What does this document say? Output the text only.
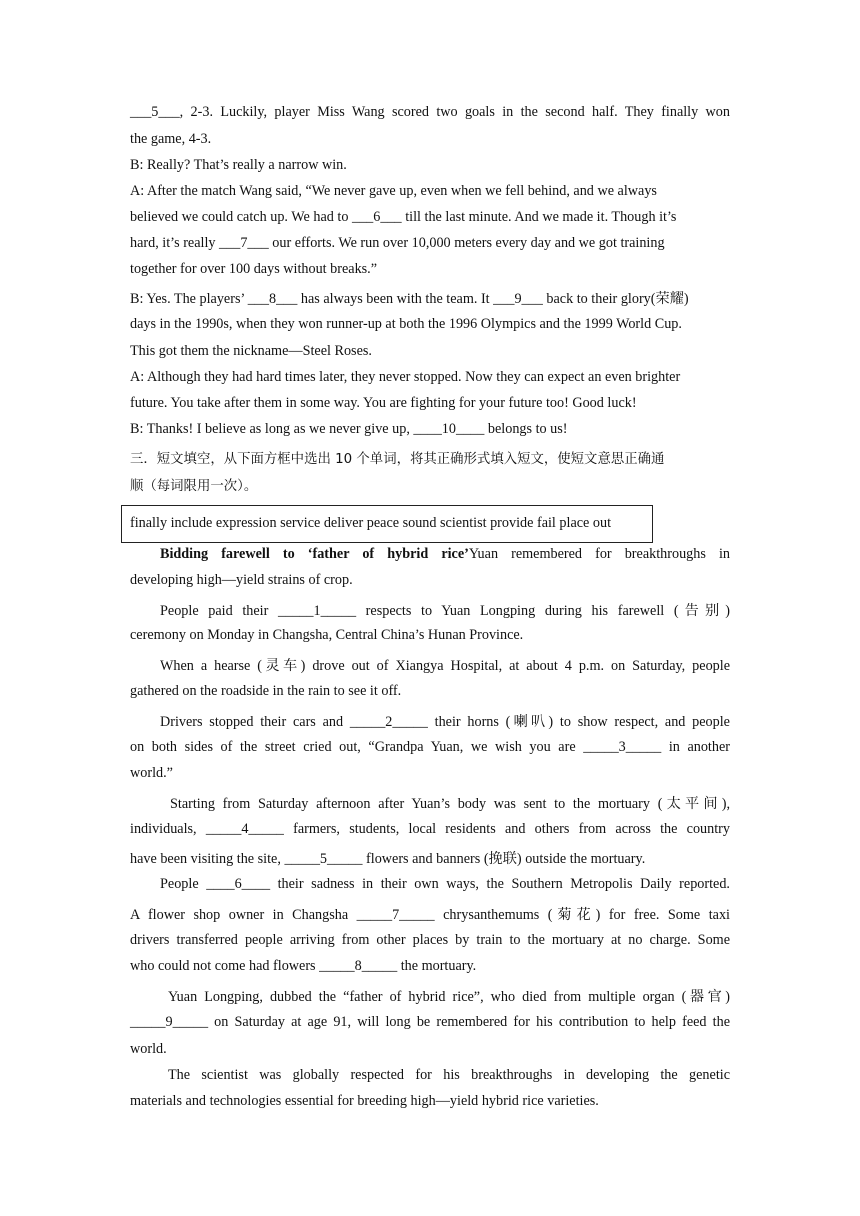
___5___, 2-3. Luckily, player Miss Wang scored two goals in the second half. They finally won
the game, 4-3.
B: Really? That’s really a narrow win.
A: After the match Wang said, “We never gave up, even when we fell behind, and we always
believed we could catch up. We had to ___6___ till the last minute. And we made it. Though it’s
hard, it’s really ___7___ our efforts. We run over 10,000 meters every day and we got training
together for over 100 days without breaks.”
B: Yes. The players’ ___8___ has always been with the team. It ___9___ back to their glory(荣耀)
days in the 1990s, when they won runner-up at both the 1996 Olympics and the 1999 World Cup.
This got them the nickname—Steel Roses.
A: Although they had hard times later, they never stopped. Now they can expect an even brighter
future. You take after them in some way. You are fighting for your future too! Good luck!
B: Thanks! I believe as long as we never give up, ____10____ belongs to us!
三．短文填空，从下面方框中选出 10 个单词，将其正确形式填入短文，使短文意思正确通
顺（每词限用一次）。
Bidding farewell to ‘father of hybrid rice’Yuan remembered for breakthroughs in
developing high—yield strains of crop.
People paid their _____1_____ respects to Yuan Longping during his farewell (告别)
ceremony on Monday in Changsha, Central China’s Hunan Province.
When a hearse (灵车) drove out of Xiangya Hospital, at about 4 p.m. on Saturday, people
gathered on the roadside in the rain to see it off.
Drivers stopped their cars and _____2_____ their horns (喇叭) to show respect, and people
on both sides of the street cried out, “Grandpa Yuan, we wish you are _____3_____ in another
world.”
Starting from Saturday afternoon after Yuan’s body was sent to the mortuary (太平间),
individuals, _____4_____ farmers, students, local residents and others from across the country
have been visiting the site, _____5_____ flowers and banners (挽联) outside the mortuary.
People ____6____ their sadness in their own ways, the Southern Metropolis Daily reported.
A flower shop owner in Changsha _____7_____ chrysanthemums (菊花) for free. Some taxi
drivers transferred people arriving from other places by train to the mortuary at no charge. Some
who could not come had flowers _____8_____ the mortuary.
Yuan Longping, dubbed the “father of hybrid rice”, who died from multiple organ (器官)
_____9_____ on Saturday at age 91, will long be remembered for his contribution to help feed the
world.
The scientist was globally respected for his breakthroughs in developing the genetic
materials and technologies essential for breeding high—yield hybrid rice varieties.
finally include expression service deliver peace sound scientist provide fail place out
